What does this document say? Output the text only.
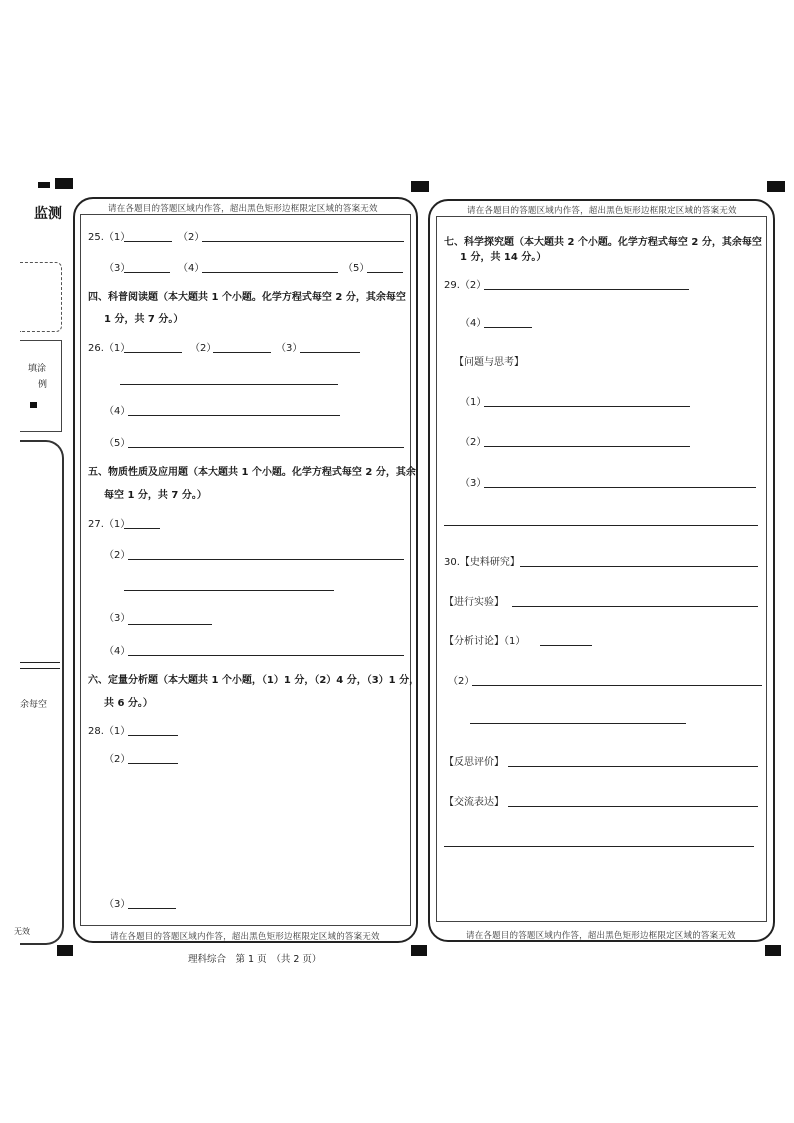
监测
填涂
例
余每空
无效
请在各题目的答题区域内作答，超出黑色矩形边框限定区域的答案无效
请在各题目的答题区域内作答，超出黑色矩形边框限定区域的答案无效
25.（1）	（2）
（3）	（4）	（5）
四、科普阅读题（本大题共 1 个小题。化学方程式每空 2 分，其余每空
1 分，共 7 分。）
26.（1）	（2）	（3）
（4）
（5）
五、物质性质及应用题（本大题共 1 个小题。化学方程式每空 2 分，其余
每空 1 分，共 7 分。）
27.（1）
（2）
（3）
（4）
六、定量分析题（本大题共 1 个小题，（1）1 分，（2）4 分，（3）1 分，
共 6 分。）
28.（1）
（2）
（3）
请在各题目的答题区域内作答，超出黑色矩形边框限定区域的答案无效
请在各题目的答题区域内作答，超出黑色矩形边框限定区域的答案无效
七、科学探究题（本大题共 2 个小题。化学方程式每空 2 分，其余每空
1 分，共 14 分。）
29.（2）
（4）
【问题与思考】
（1）
（2）
（3）
30.【史料研究】
【进行实验】
【分析讨论】（1）
（2）
【反思评价】
【交流表达】
理科综合　第 1 页　（共 2 页）
